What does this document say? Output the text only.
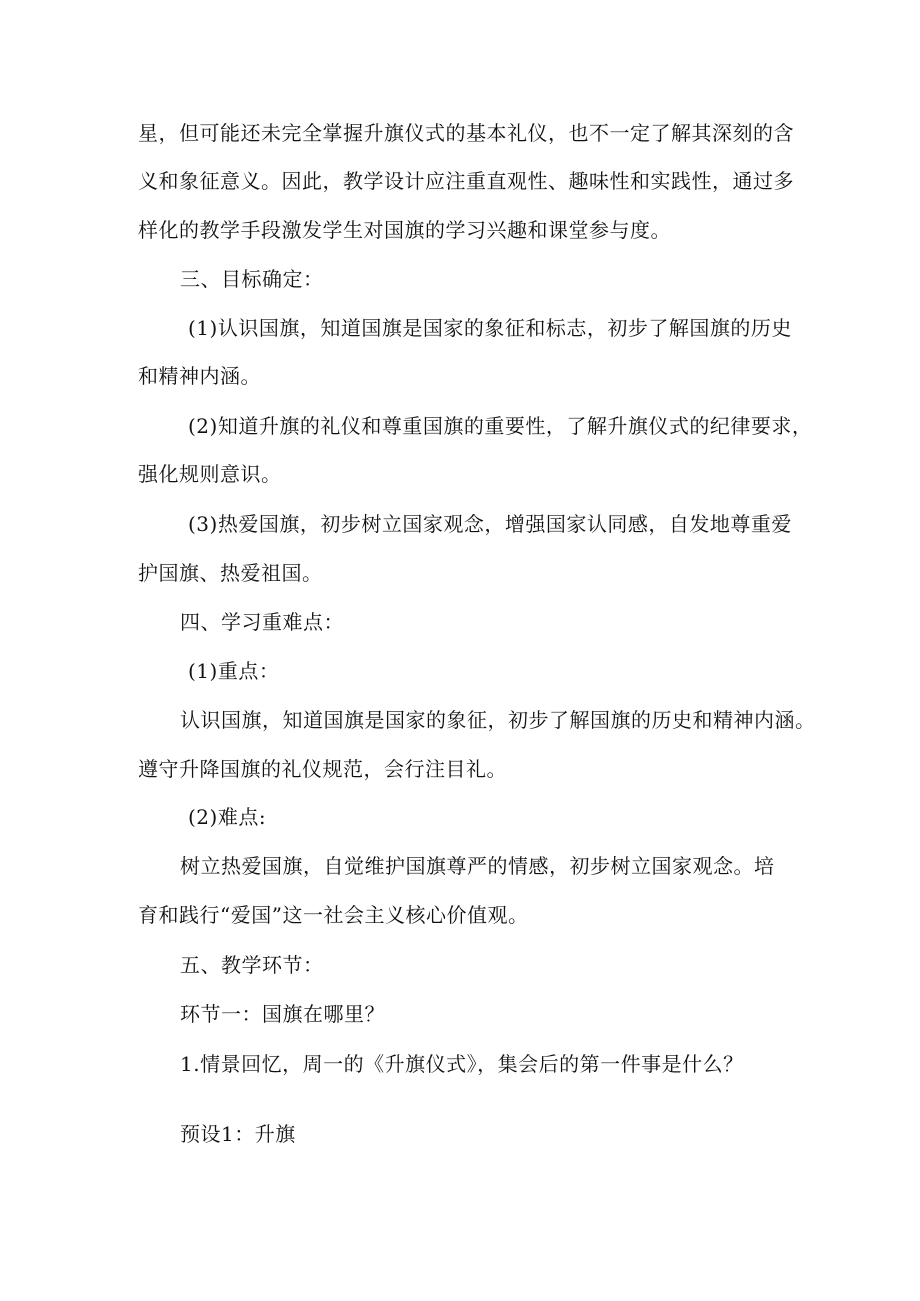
星，但可能还未完全掌握升旗仪式的基本礼仪，也不一定了解其深刻的含
义和象征意义。因此，教学设计应注重直观性、趣味性和实践性，通过多
样化的教学手段激发学生对国旗的学习兴趣和课堂参与度。
三、目标确定：
(1)认识国旗，知道国旗是国家的象征和标志，初步了解国旗的历史
和精神内涵。
(2)知道升旗的礼仪和尊重国旗的重要性，了解升旗仪式的纪律要求，
强化规则意识。
(3)热爱国旗，初步树立国家观念，增强国家认同感，自发地尊重爱
护国旗、热爱祖国。
四、学习重难点：
(1)重点：
认识国旗，知道国旗是国家的象征，初步了解国旗的历史和精神内涵。
遵守升降国旗的礼仪规范，会行注目礼。
(2)难点:
树立热爱国旗，自觉维护国旗尊严的情感，初步树立国家观念。培
育和践行“爱国”这一社会主义核心价值观。
五、教学环节：
环节一：国旗在哪里？
1.情景回忆，周一的《升旗仪式》，集会后的第一件事是什么？
预设1：升旗
